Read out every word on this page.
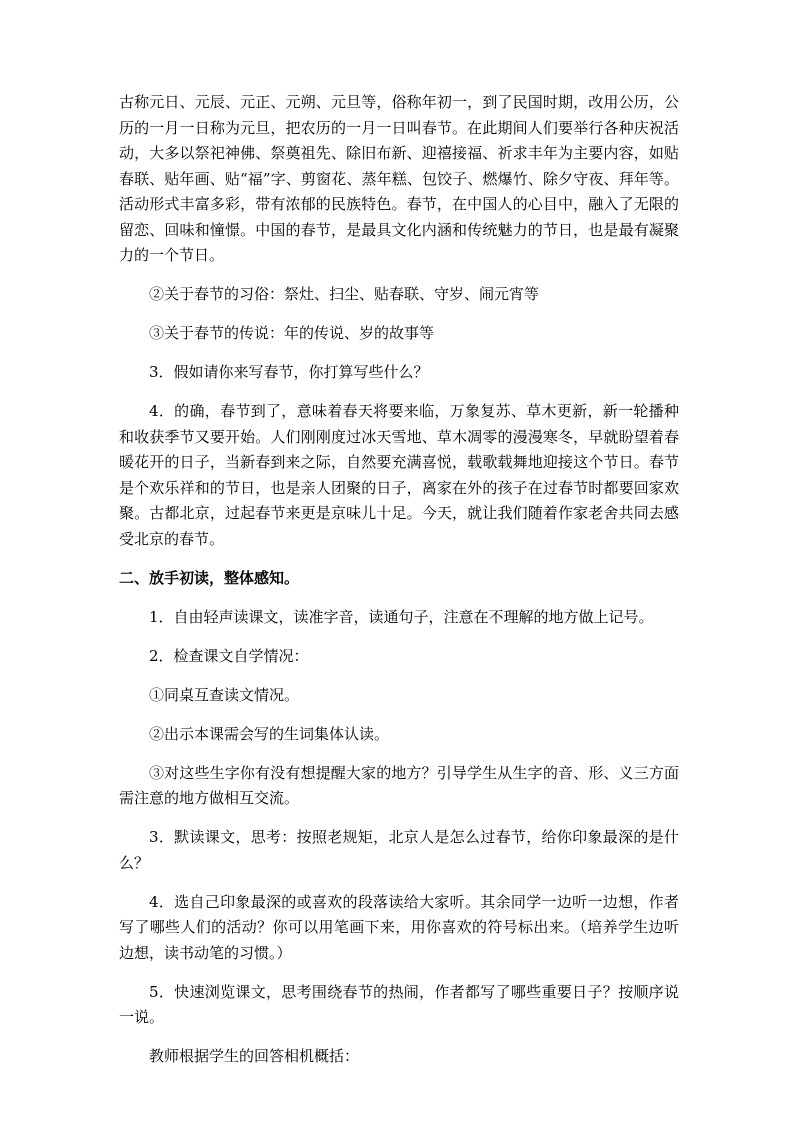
古称元日、元辰、元正、元朔、元旦等，俗称年初一，到了民国时期，改用公历，公历的一月一日称为元旦，把农历的一月一日叫春节。在此期间人们要举行各种庆祝活动，大多以祭祀神佛、祭奠祖先、除旧布新、迎禧接福、祈求丰年为主要内容，如贴春联、贴年画、贴“福”字、剪窗花、蒸年糕、包饺子、燃爆竹、除夕守夜、拜年等。活动形式丰富多彩，带有浓郁的民族特色。春节，在中国人的心目中，融入了无限的留恋、回味和憧憬。中国的春节，是最具文化内涵和传统魅力的节日，也是最有凝聚力的一个节日。

②关于春节的习俗：祭灶、扫尘、贴春联、守岁、闹元宵等

③关于春节的传说：年的传说、岁的故事等

3．假如请你来写春节，你打算写些什么？

4．的确，春节到了，意味着春天将要来临，万象复苏、草木更新，新一轮播种和收获季节又要开始。人们刚刚度过冰天雪地、草木凋零的漫漫寒冬，早就盼望着春暖花开的日子，当新春到来之际，自然要充满喜悦，载歌载舞地迎接这个节日。春节是个欢乐祥和的节日，也是亲人团聚的日子，离家在外的孩子在过春节时都要回家欢聚。古都北京，过起春节来更是京味儿十足。今天，就让我们随着作家老舍共同去感受北京的春节。

二、放手初读，整体感知。

1．自由轻声读课文，读准字音，读通句子，注意在不理解的地方做上记号。

2．检查课文自学情况：

①同桌互查读文情况。

②出示本课需会写的生词集体认读。

③对这些生字你有没有想提醒大家的地方？引导学生从生字的音、形、义三方面需注意的地方做相互交流。

3．默读课文，思考：按照老规矩，北京人是怎么过春节，给你印象最深的是什么？

4．选自己印象最深的或喜欢的段落读给大家听。其余同学一边听一边想，作者写了哪些人们的活动？你可以用笔画下来，用你喜欢的符号标出来。（培养学生边听边想，读书动笔的习惯。）

5．快速浏览课文，思考围绕春节的热闹，作者都写了哪些重要日子？按顺序说一说。

教师根据学生的回答相机概括：
